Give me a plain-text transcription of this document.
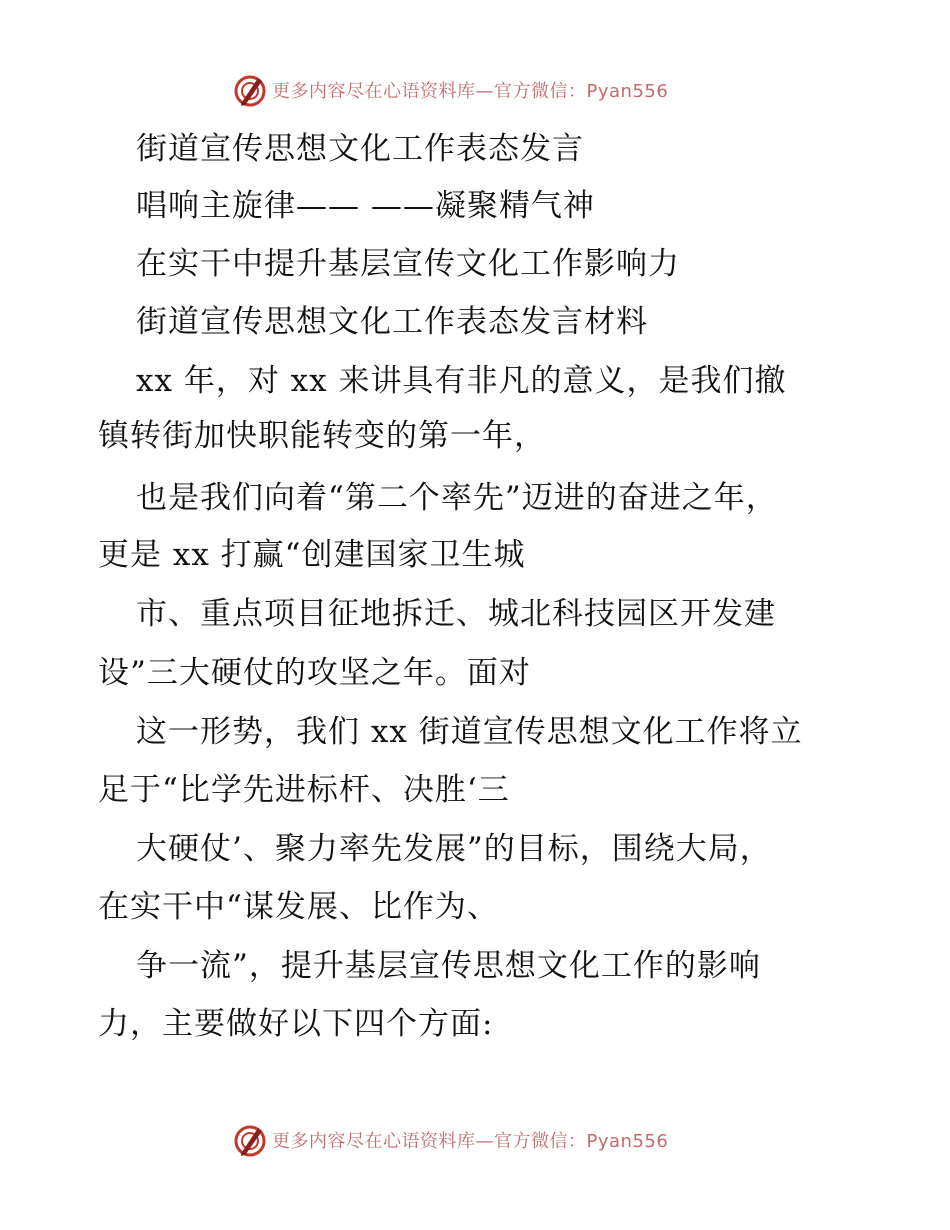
更多内容尽在心语资料库—官方微信：Pyan556
街道宣传思想文化工作表态发言
唱响主旋律—— ——凝聚精气神
在实干中提升基层宣传文化工作影响力
街道宣传思想文化工作表态发言材料
xx 年，对 xx 来讲具有非凡的意义，是我们撤
镇转街加快职能转变的第一年，
也是我们向着“第二个率先”迈进的奋进之年，
更是 xx 打赢“创建国家卫生城
市、重点项目征地拆迁、城北科技园区开发建
设”三大硬仗的攻坚之年。面对
这一形势，我们 xx 街道宣传思想文化工作将立
足于“比学先进标杆、决胜‘三
大硬仗’、聚力率先发展”的目标，围绕大局，
在实干中“谋发展、比作为、
争一流”，提升基层宣传思想文化工作的影响
力，主要做好以下四个方面:
更多内容尽在心语资料库—官方微信：Pyan556
